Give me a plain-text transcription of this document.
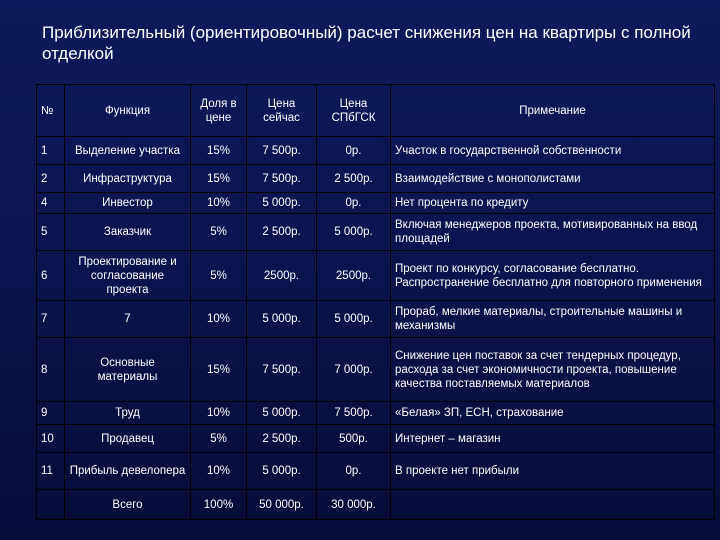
Приблизительный (ориентировочный) расчет снижения цен на квартиры с полной отделкой
№	Функция	Доля в цене	Цена сейчас	Цена СПбГСК	Примечание
1	Выделение участка	15%	7 500р.	0р.	Участок в государственной собственности
2	Инфраструктура	15%	7 500р.	2 500р.	Взаимодействие с монополистами
4	Инвестор	10%	5 000р.	0р.	Нет процента по кредиту
5	Заказчик	5%	2 500р.	5 000р.	Включая менеджеров проекта, мотивированных на ввод площадей
6	Проектирование и согласование проекта	5%	2500р.	2500р.	Проект по конкурсу, согласование бесплатно. Распространение бесплатно для повторного применения
7	7	10%	5 000р.	5 000р.	Прораб, мелкие материалы, строительные машины и механизмы
8	Основные материалы	15%	7 500р.	7 000р.	Снижение цен поставок за счет тендерных процедур, расхода за счет экономичности проекта, повышение качества поставляемых материалов
9	Труд	10%	5 000р.	7 500р.	«Белая» ЗП, ЕСН, страхование
10	Продавец	5%	2 500р.	500р.	Интернет – магазин
11	Прибыль девелопера	10%	5 000р.	0р.	В проекте нет прибыли
	Всего	100%	50 000р.	30 000р.	
